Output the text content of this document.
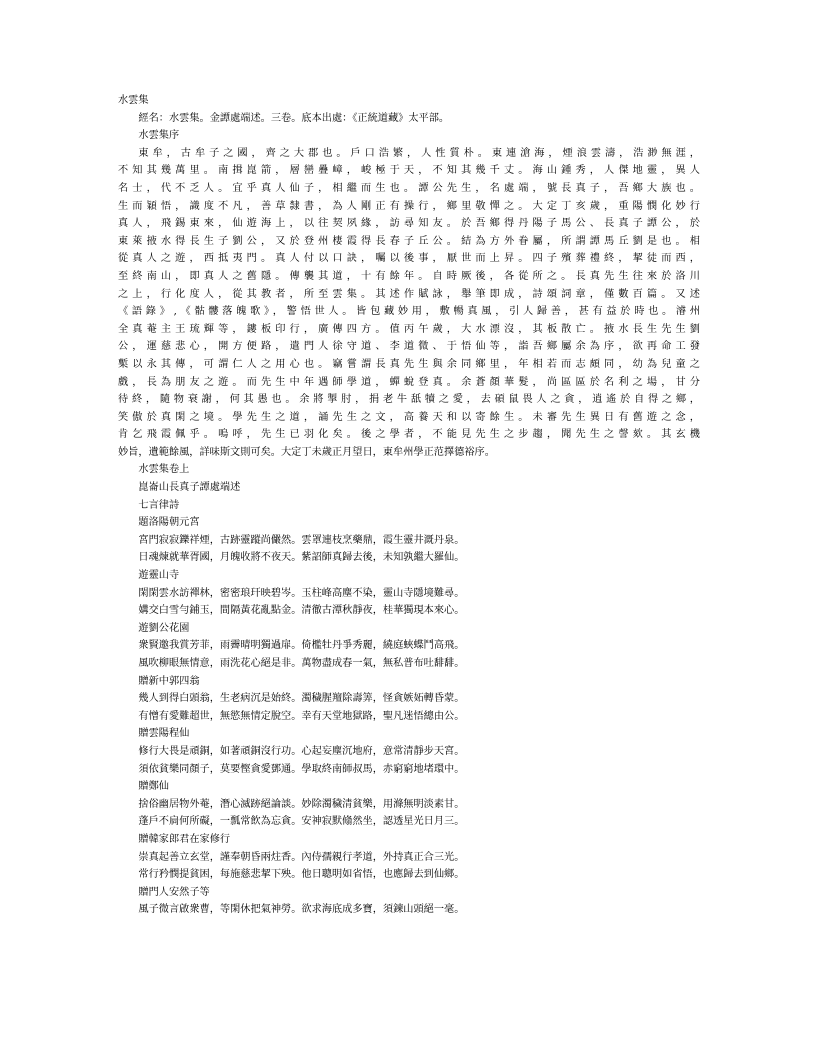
水雲集
經名：水雲集。金譚處端述。三卷。底本出處：《正統道藏》太平部。
水雲集序
東牟，古牟子之國，齊之大郡也。戶口浩繁，人性質朴。東連滄海，煙浪雲濤，浩渺無涯，
不知其幾萬里。南揖崑箭，層巒疊嶂，峻極于天，不知其幾千丈。海山鍾秀，人傑地靈，異人
名士，代不乏人。宜乎真人仙子，相繼而生也。譚公先生，名處端，號長真子，吾鄉大族也。
生而穎悟，識度不凡，善草隸書，為人剛正有操行，鄉里敬憚之。大定丁亥歲，重陽憫化妙行
真人，飛錫東來，仙遊海上，以往契夙緣，訪尋知友。於吾鄉得丹陽子馬公、長真子譚公，於
東萊掖水得長生子劉公，又於登州棲霞得長春子丘公。結為方外眷屬，所謂譚馬丘劉是也。相
從真人之遊，西抵夷門。真人付以口訣，囑以後事，厭世而上昇。四子殯葬禮終，挈徒而西，
至終南山，即真人之舊隱。傳襲其道，十有餘年。自時厥後，各從所之。長真先生往來於洛川
之上，行化度人，從其教者，所至雲集。其述作賦詠，舉筆即成，詩頌詞章，僅數百篇。又述
《語錄》,《骷髏落魄歌》，警悟世人。皆包藏妙用，敷暢真風，引人歸善，甚有益於時也。濬州
全真菴主王琉輝等，鏤板印行，廣傳四方。值丙午歲，大水漂沒，其板散亡。掖水長生先生劉
公，運慈悲心，開方便路，遣門人徐守道、李道微、于悟仙等，詣吾鄉屬余為序，欲再命工發
槧以永其傳，可謂仁人之用心也。竊嘗謂長真先生與余同鄉里，年相若而志頗同，幼為兒童之
戲，長為朋友之遊。而先生中年遇師學道，蟬蛻登真。余蒼顏華髮，尚區區於名利之場，甘分
待終，隨物衰謝，何其愚也。余將掣肘，捐老牛舐犢之愛，去碩鼠畏人之貪，逍遙於自得之鄉，
笑傲於真閑之境。學先生之道，誦先生之文，高養天和以寄餘生。未審先生異日有舊遊之念，
肯乞飛霞佩乎。嗚呼，先生已羽化矣。後之學者，不能見先生之步趨，聞先生之謦欬。其玄機
妙旨，遺範餘風，詳味斯文則可矣。大定丁未歲正月望日，東牟州學正范擇德裕序。
水雲集卷上
崑崙山長真子譚處端述
七言律詩
題洛陽朝元宮
宮門寂寂鑠祥煙，古跡靈蹤尚儼然。雲罩連枝烹藥鼎，霞生靈井溉丹泉。
日魂煉就華胥國，月魄收將不夜天。紫詔師真歸去後，未知孰繼大羅仙。
遊靈山寺
閑閑雲水訪禪林，密密琅玕映碧岑。玉柱峰高塵不染，靈山寺隱境難尋。
媾交白雪勻鋪玉，間隔黃花亂點金。清徹古潭秋靜夜，桂華獨現本來心。
遊劉公花園
衆賢邀我賞芳菲，雨霽晴明獨過扉。倚檻牡丹爭秀麗，繞庭蛺蝶鬥高飛。
風吹柳眼無情意，雨洗花心絕是非。萬物盡成春一氣，無私普布吐馡馡。
贈新中郭四翁
幾人到得白頭翁，生老病沉是始終。濁穢腥羶除壽筭，怪貪嫉妬轉昏蒙。
有憎有愛難超世，無慾無情定脫空。幸有天堂地獄路，聖凡迷悟總由公。
贈雲陽程仙
修行大畏是頑銅，如著頑銅沒行功。心起妄塵沉地府，意常清靜步天宮。
須依貧樂同顏子，莫要慳貪愛鄧通。學取終南師叔馬，赤窮窮地堵環中。
贈鄭仙
捨俗幽居物外菴，潛心滅跡絕論談。妙除濁穢清貧樂，用滌無明淡素甘。
蓬戶不扃何所礙，一瓢常飲為忘貪。安神寂默翛然坐，認透星光日月三。
贈韓家郎君在家修行
崇真起善立玄堂，謹奉朝昏兩炷香。內侍孺親行孝道，外持真正合三光。
常行矜憫提貧困，每施慈悲挈下殃。他日聰明如省悟，也應歸去到仙鄉。
贈門人安然子等
風子微言啟衆曹，等閑休把氣神勞。欲求海底成多寶，須鍊山頭絕一毫。
